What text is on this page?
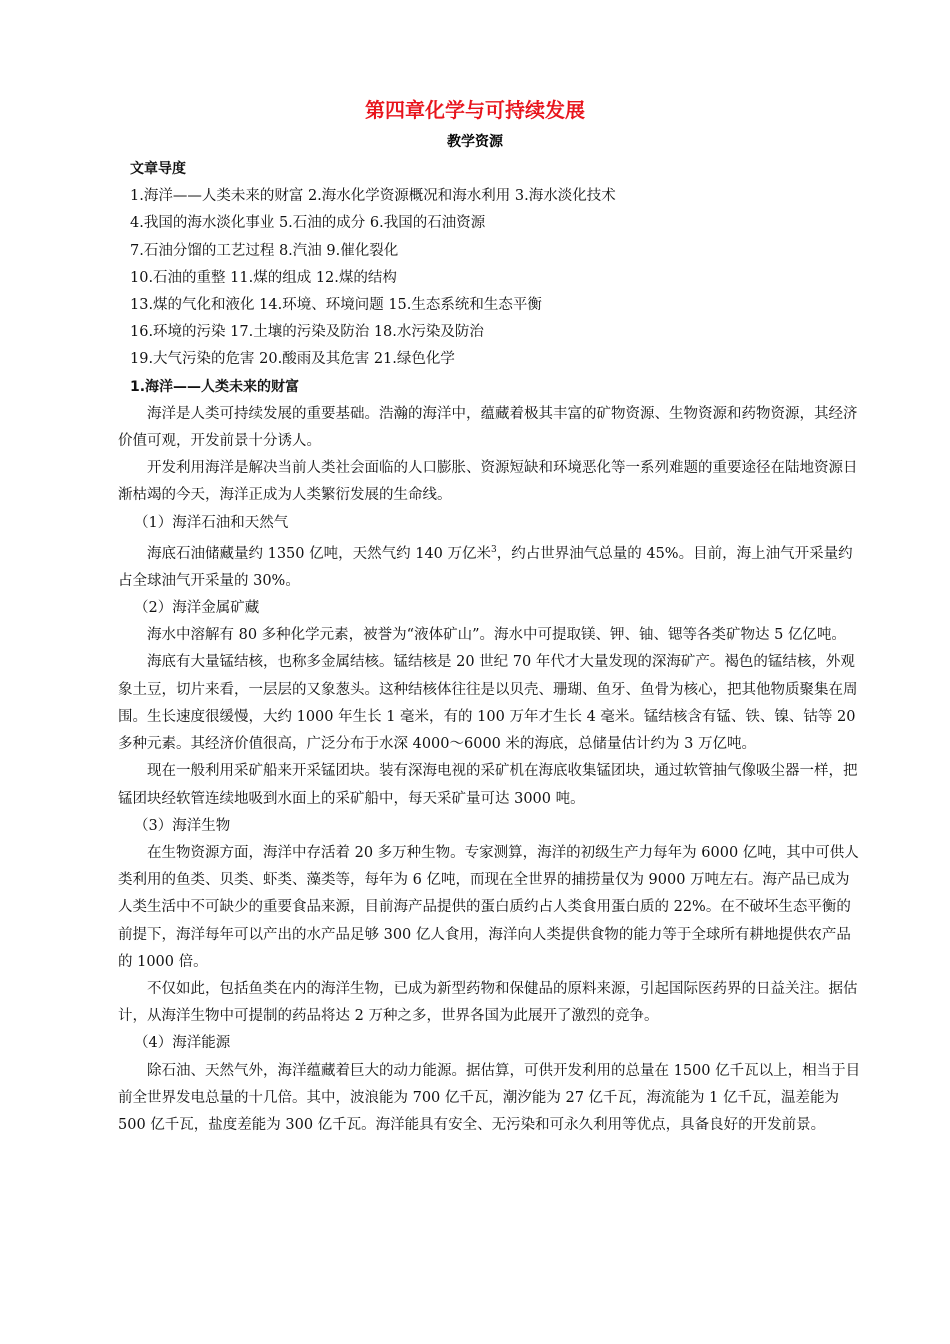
第四章化学与可持续发展
教学资源

文章导度

1.海洋——人类未来的财富 2.海水化学资源概况和海水利用 3.海水淡化技术

4.我国的海水淡化事业 5.石油的成分 6.我国的石油资源

7.石油分馏的工艺过程 8.汽油 9.催化裂化

10.石油的重整 11.煤的组成 12.煤的结构

13.煤的气化和液化 14.环境、环境问题 15.生态系统和生态平衡

16.环境的污染 17.土壤的污染及防治 18.水污染及防治

19.大气污染的危害 20.酸雨及其危害 21.绿色化学

1.海洋——人类未来的财富

海洋是人类可持续发展的重要基础。浩瀚的海洋中，蕴藏着极其丰富的矿物资源、生物资源和药物资源，其经济价值可观，开发前景十分诱人。

开发利用海洋是解决当前人类社会面临的人口膨胀、资源短缺和环境恶化等一系列难题的重要途径在陆地资源日渐枯竭的今天，海洋正成为人类繁衍发展的生命线。

（1）海洋石油和天然气

海底石油储藏量约 1350 亿吨，天然气约 140 万亿米$^3$，约占世界油气总量的 45%。目前，海上油气开采量约占全球油气开采量的 30%。

（2）海洋金属矿藏

海水中溶解有 80 多种化学元素，被誉为“液体矿山”。海水中可提取镁、钾、铀、锶等各类矿物达 5 亿亿吨。

海底有大量锰结核，也称多金属结核。锰结核是 20 世纪 70 年代才大量发现的深海矿产。褐色的锰结核，外观象土豆，切片来看，一层层的又象葱头。这种结核体往往是以贝壳、珊瑚、鱼牙、鱼骨为核心，把其他物质聚集在周围。生长速度很缓慢，大约 1000 年生长 1 毫米，有的 100 万年才生长 4 毫米。锰结核含有锰、铁、镍、钴等 20 多种元素。其经济价值很高，广泛分布于水深 4000～6000 米的海底，总储量估计约为 3 万亿吨。

现在一般利用采矿船来开采锰团块。装有深海电视的采矿机在海底收集锰团块，通过软管抽气像吸尘器一样，把锰团块经软管连续地吸到水面上的采矿船中，每天采矿量可达 3000 吨。

（3）海洋生物

在生物资源方面，海洋中存活着 20 多万种生物。专家测算，海洋的初级生产力每年为 6000 亿吨，其中可供人类利用的鱼类、贝类、虾类、藻类等，每年为 6 亿吨，而现在全世界的捕捞量仅为 9000 万吨左右。海产品已成为人类生活中不可缺少的重要食品来源，目前海产品提供的蛋白质约占人类食用蛋白质的 22%。在不破坏生态平衡的前提下，海洋每年可以产出的水产品足够 300 亿人食用，海洋向人类提供食物的能力等于全球所有耕地提供农产品的 1000 倍。

不仅如此，包括鱼类在内的海洋生物，已成为新型药物和保健品的原料来源，引起国际医药界的日益关注。据估计，从海洋生物中可提制的药品将达 2 万种之多，世界各国为此展开了激烈的竞争。

（4）海洋能源

除石油、天然气外，海洋蕴藏着巨大的动力能源。据估算，可供开发利用的总量在 1500 亿千瓦以上，相当于目前全世界发电总量的十几倍。其中，波浪能为 700 亿千瓦，潮汐能为 27 亿千瓦，海流能为 1 亿千瓦，温差能为 500 亿千瓦，盐度差能为 300 亿千瓦。海洋能具有安全、无污染和可永久利用等优点，具备良好的开发前景。
